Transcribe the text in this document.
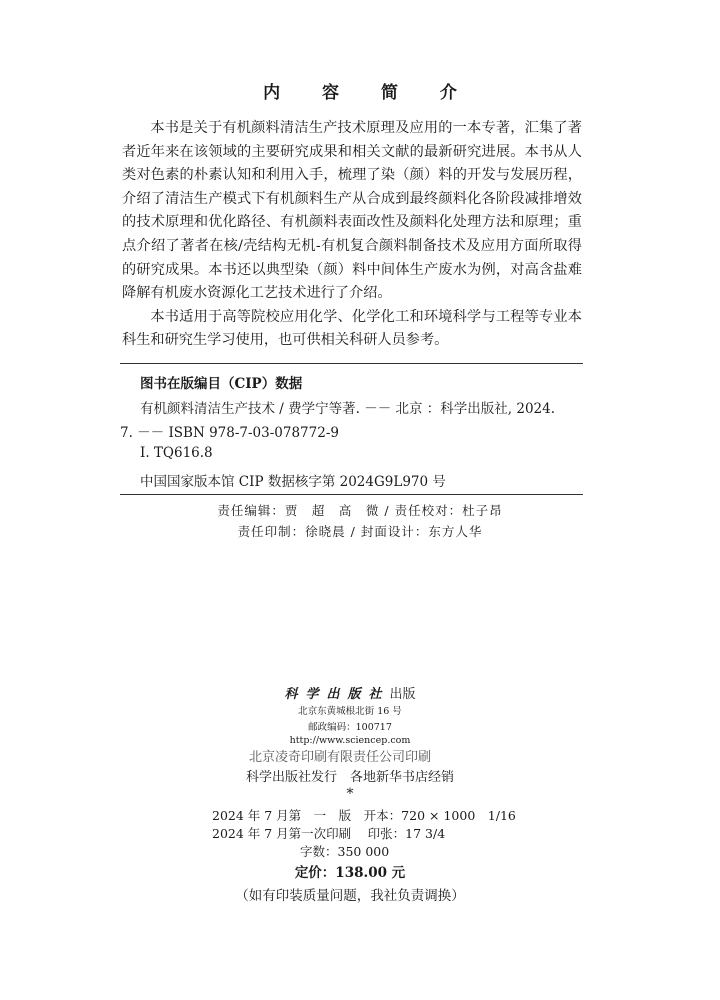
内 容 简 介

本书是关于有机颜料清洁生产技术原理及应用的一本专著，汇集了著者近年来在该领域的主要研究成果和相关文献的最新研究进展。本书从人类对色素的朴素认知和利用入手，梳理了染（颜）料的开发与发展历程，介绍了清洁生产模式下有机颜料生产从合成到最终颜料化各阶段减排增效的技术原理和优化路径、有机颜料表面改性及颜料化处理方法和原理；重点介绍了著者在核/壳结构无机-有机复合颜料制备技术及应用方面所取得的研究成果。本书还以典型染（颜）料中间体生产废水为例，对高含盐难降解有机废水资源化工艺技术进行了介绍。

本书适用于高等院校应用化学、化学化工和环境科学与工程等专业本科生和研究生学习使用，也可供相关科研人员参考。

图书在版编目（CIP）数据
有机颜料清洁生产技术 / 费学宁等著. －－ 北京 ：科学出版社, 2024.
7. －－ ISBN 978-7-03-078772-9
Ⅰ. TQ616.8
中国国家版本馆 CIP 数据核字第 2024G9L970 号
责任编辑：贾　超　高　微 / 责任校对：杜子昂
责任印制：徐晓晨 / 封面设计：东方人华
科学出版社出版
北京东黄城根北街 16 号
邮政编码：100717
http://www.sciencep.com
北京凌奇印刷有限责任公司印刷
科学出版社发行　各地新华书店经销
*
2024 年 7 月第　一　版　开本：720 × 1000　1/16
2024 年 7 月第一次印刷　 印张：17 3/4
字数：350 000
定价：138.00 元
（如有印装质量问题，我社负责调换）
